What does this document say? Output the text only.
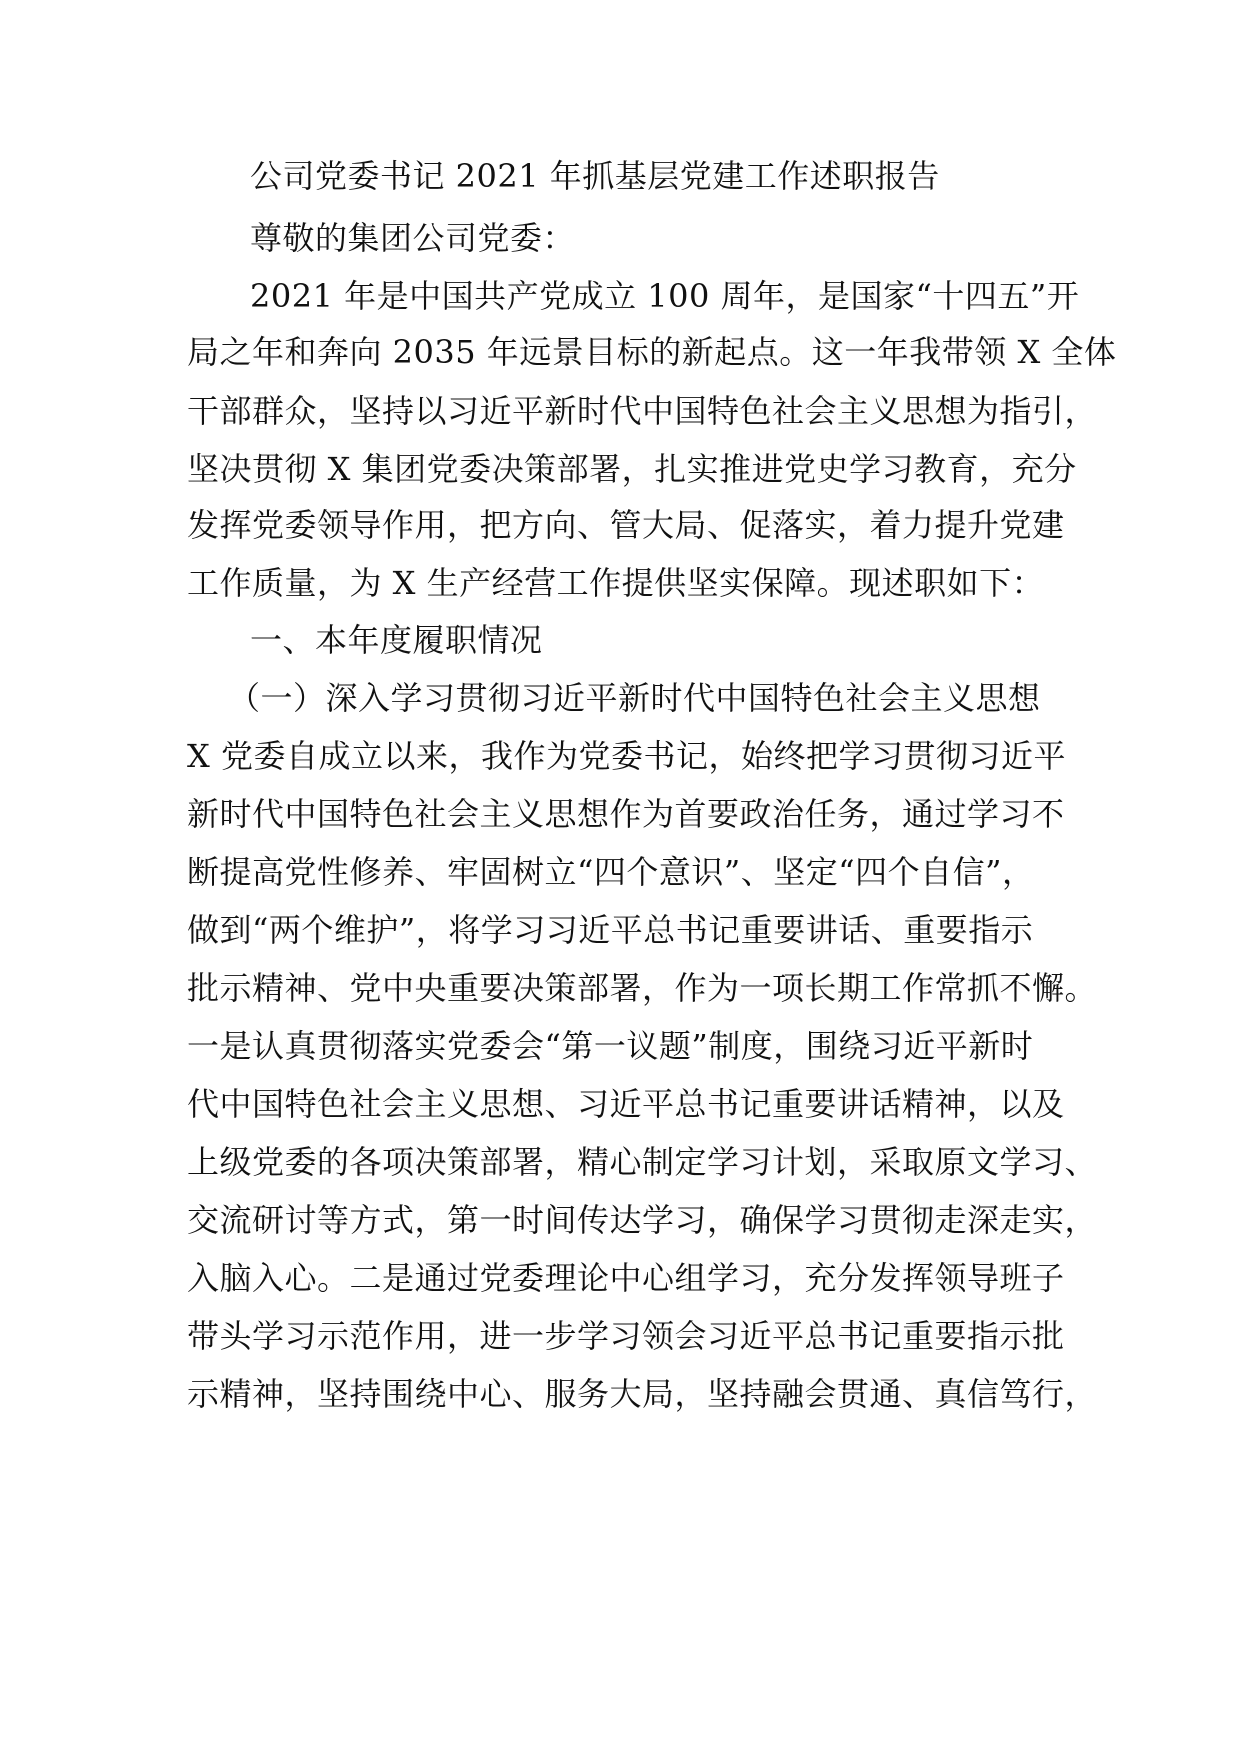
公司党委书记 2021 年抓基层党建工作述职报告
尊敬的集团公司党委：
2021 年是中国共产党成立 100 周年，是国家“十四五”开
局之年和奔向 2035 年远景目标的新起点。这一年我带领 X 全体
干部群众，坚持以习近平新时代中国特色社会主义思想为指引，
坚决贯彻 X 集团党委决策部署，扎实推进党史学习教育，充分
发挥党委领导作用，把方向、管大局、促落实，着力提升党建
工作质量，为 X 生产经营工作提供坚实保障。现述职如下：
一、本年度履职情况
（一）深入学习贯彻习近平新时代中国特色社会主义思想
X 党委自成立以来，我作为党委书记，始终把学习贯彻习近平
新时代中国特色社会主义思想作为首要政治任务，通过学习不
断提高党性修养、牢固树立“四个意识”、坚定“四个自信”，
做到“两个维护”，将学习习近平总书记重要讲话、重要指示
批示精神、党中央重要决策部署，作为一项长期工作常抓不懈。
一是认真贯彻落实党委会“第一议题”制度，围绕习近平新时
代中国特色社会主义思想、习近平总书记重要讲话精神，以及
上级党委的各项决策部署，精心制定学习计划，采取原文学习、
交流研讨等方式，第一时间传达学习，确保学习贯彻走深走实，
入脑入心。二是通过党委理论中心组学习，充分发挥领导班子
带头学习示范作用，进一步学习领会习近平总书记重要指示批
示精神，坚持围绕中心、服务大局，坚持融会贯通、真信笃行，
